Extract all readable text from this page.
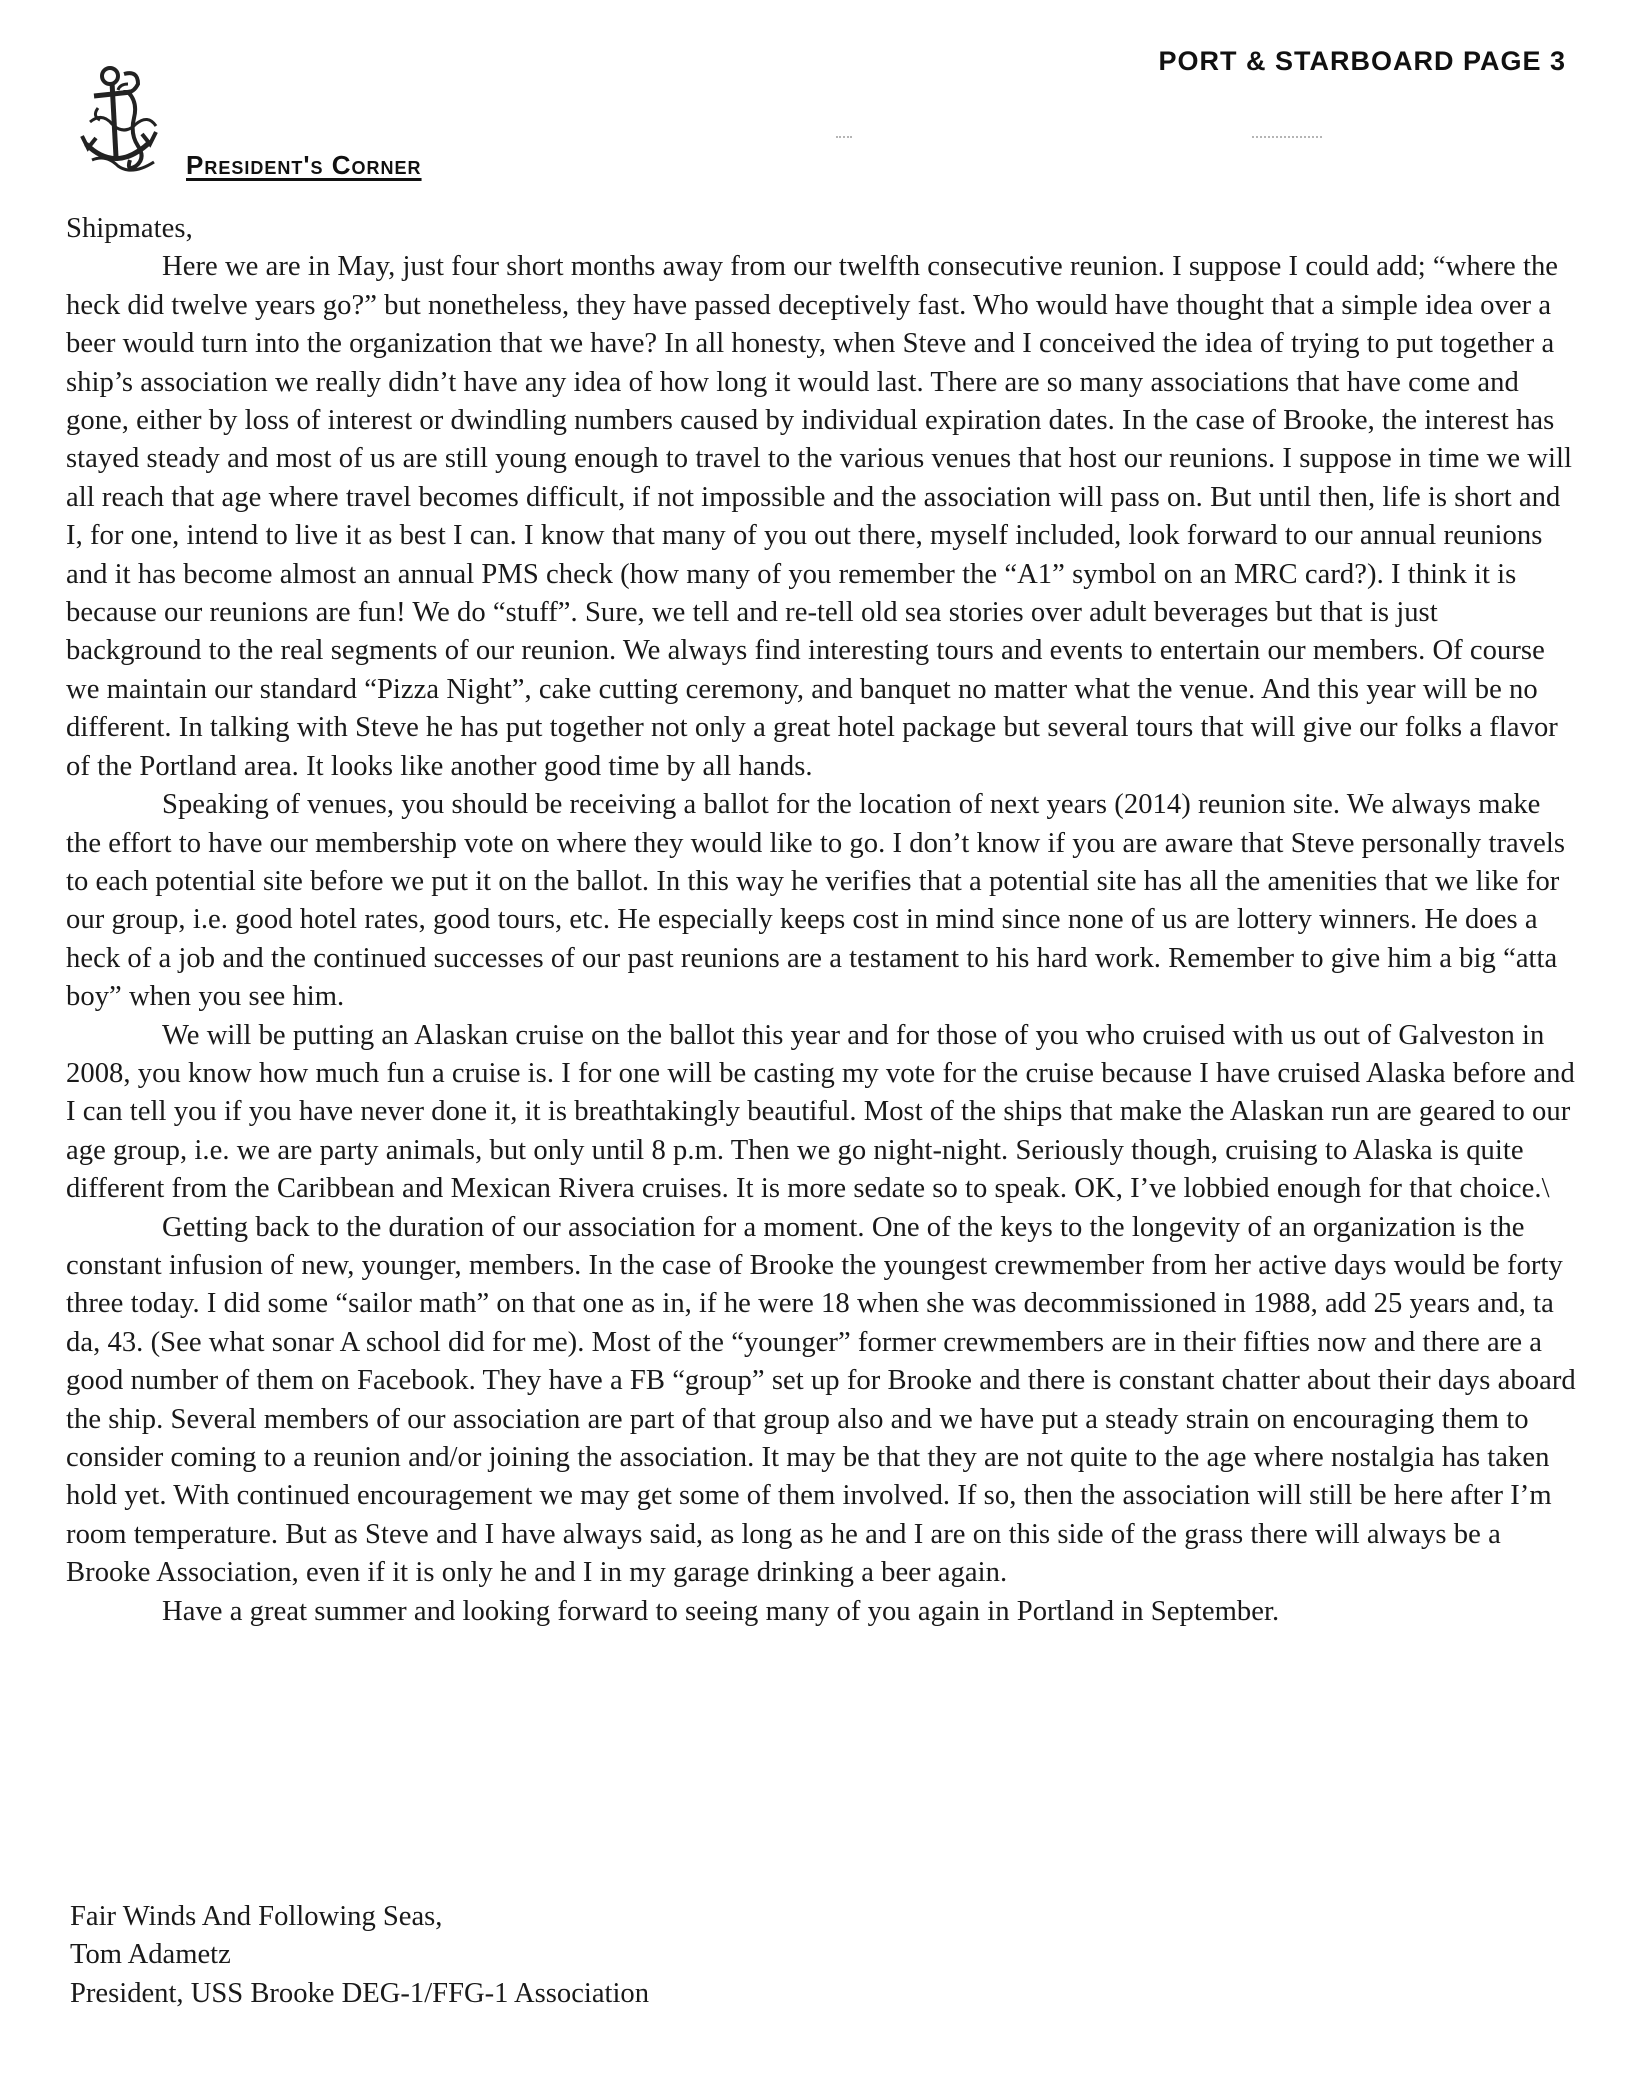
PORT & STARBOARD PAGE 3
President's Corner

Shipmates,

Here we are in May, just four short months away from our twelfth consecutive reunion. I suppose I could add; “where the heck did twelve years go?” but nonetheless, they have passed deceptively fast. Who would have thought that a simple idea over a beer would turn into the organization that we have? In all honesty, when Steve and I conceived the idea of trying to put together a ship’s association we really didn’t have any idea of how long it would last. There are so many associations that have come and gone, either by loss of interest or dwindling numbers caused by individual expiration dates. In the case of Brooke, the interest has stayed steady and most of us are still young enough to travel to the various venues that host our reunions. I suppose in time we will all reach that age where travel becomes difficult, if not impossible and the association will pass on. But until then, life is short and I, for one, intend to live it as best I can. I know that many of you out there, myself included, look forward to our annual reunions and it has become almost an annual PMS check (how many of you remember the “A1” symbol on an MRC card?). I think it is because our reunions are fun! We do “stuff”. Sure, we tell and re-tell old sea stories over adult beverages but that is just background to the real segments of our reunion. We always find interesting tours and events to entertain our members. Of course we maintain our standard “Pizza Night”, cake cutting ceremony, and banquet no matter what the venue. And this year will be no different. In talking with Steve he has put together not only a great hotel package but several tours that will give our folks a flavor of the Portland area. It looks like another good time by all hands.

Speaking of venues, you should be receiving a ballot for the location of next years (2014) reunion site. We always make the effort to have our membership vote on where they would like to go. I don’t know if you are aware that Steve personally travels to each potential site before we put it on the ballot. In this way he verifies that a potential site has all the amenities that we like for our group, i.e. good hotel rates, good tours, etc. He especially keeps cost in mind since none of us are lottery winners. He does a heck of a job and the continued successes of our past reunions are a testament to his hard work. Remember to give him a big “atta boy” when you see him.

We will be putting an Alaskan cruise on the ballot this year and for those of you who cruised with us out of Galveston in 2008, you know how much fun a cruise is. I for one will be casting my vote for the cruise because I have cruised Alaska before and I can tell you if you have never done it, it is breathtakingly beautiful. Most of the ships that make the Alaskan run are geared to our age group, i.e. we are party animals, but only until 8 p.m. Then we go night-night. Seriously though, cruising to Alaska is quite different from the Caribbean and Mexican Rivera cruises. It is more sedate so to speak. OK, I’ve lobbied enough for that choice.\

Getting back to the duration of our association for a moment. One of the keys to the longevity of an organization is the constant infusion of new, younger, members. In the case of Brooke the youngest crewmember from her active days would be forty three today. I did some “sailor math” on that one as in, if he were 18 when she was decommissioned in 1988, add 25 years and, ta da, 43. (See what sonar A school did for me). Most of the “younger” former crewmembers are in their fifties now and there are a good number of them on Facebook. They have a FB “group” set up for Brooke and there is constant chatter about their days aboard the ship. Several members of our association are part of that group also and we have put a steady strain on encouraging them to consider coming to a reunion and/or joining the association. It may be that they are not quite to the age where nostalgia has taken hold yet. With continued encouragement we may get some of them involved. If so, then the association will still be here after I’m room temperature. But as Steve and I have always said, as long as he and I are on this side of the grass there will always be a Brooke Association, even if it is only he and I in my garage drinking a beer again.

Have a great summer and looking forward to seeing many of you again in Portland in September.

Fair Winds And Following Seas,
Tom Adametz
President, USS Brooke DEG-1/FFG-1 Association
